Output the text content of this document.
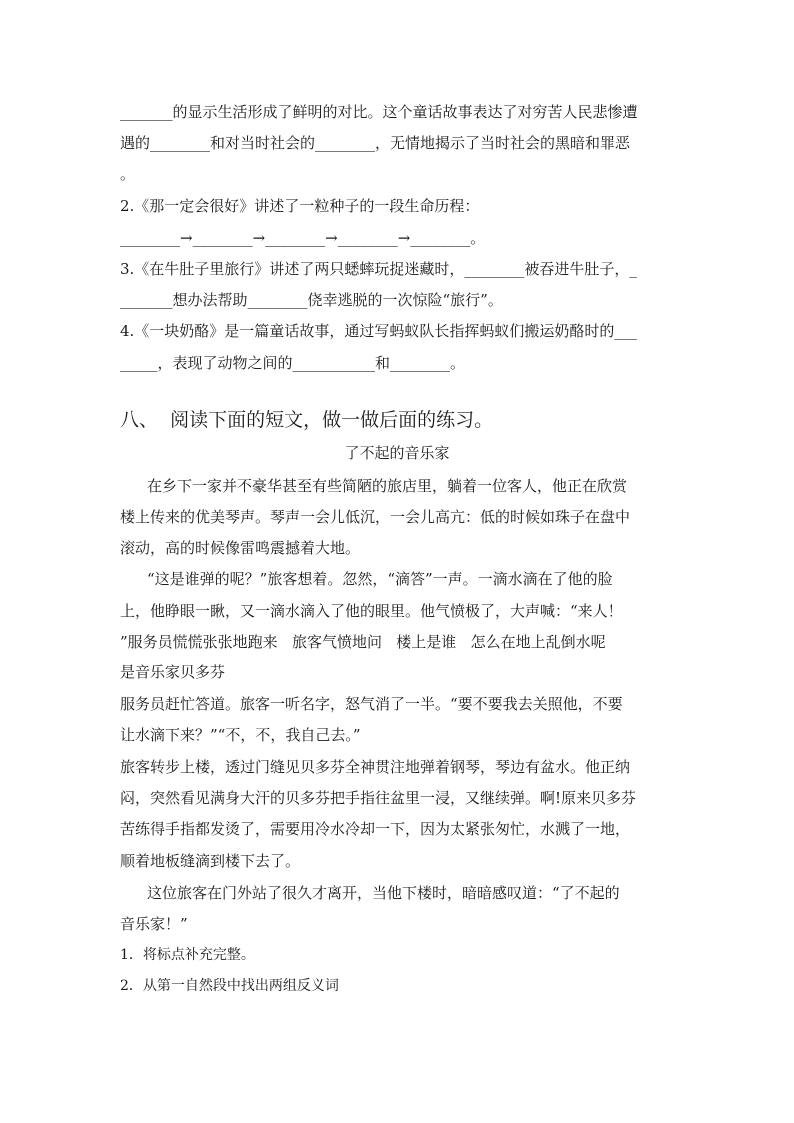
_______的显示生活形成了鲜明的对比。这个童话故事表达了对穷苦人民悲惨遭
遇的________和对当时社会的________，无情地揭示了当时社会的黑暗和罪恶
。
2.《那一定会很好》讲述了一粒种子的一段生命历程：
________→________→________→________→________。
3.《在牛肚子里旅行》讲述了两只蟋蟀玩捉迷藏时，________被吞进牛肚子，_
_______想办法帮助________侥幸逃脱的一次惊险“旅行”。
4.《一块奶酪》是一篇童话故事，通过写蚂蚁队长指挥蚂蚁们搬运奶酪时的___
_____，表现了动物之间的___________和________。
八、  阅读下面的短文，做一做后面的练习。
了不起的音乐家
在乡下一家并不豪华甚至有些简陋的旅店里，躺着一位客人，他正在欣赏
楼上传来的优美琴声。琴声一会儿低沉，一会儿高亢：低的时候如珠子在盘中
滚动，高的时候像雷鸣震撼着大地。
“这是谁弹的呢？”旅客想着。忽然，“滴答”一声。一滴水滴在了他的脸
上，他睁眼一瞅，又一滴水滴入了他的眼里。他气愤极了，大声喊：“来人！
”服务员慌慌张张地跑来   旅客气愤地问   楼上是谁   怎么在地上乱倒水呢
是音乐家贝多芬
服务员赶忙答道。旅客一听名字，怒气消了一半。“要不要我去关照他，不要
让水滴下来？”“不，不，我自己去。”
旅客转步上楼，透过门缝见贝多芬全神贯注地弹着钢琴，琴边有盆水。他正纳
闷，突然看见满身大汗的贝多芬把手指往盆里一浸，又继续弹。啊!原来贝多芬
苦练得手指都发烫了，需要用冷水冷却一下，因为太紧张匆忙，水溅了一地，
顺着地板缝滴到楼下去了。
这位旅客在门外站了很久才离开，当他下楼时，暗暗感叹道：“了不起的
音乐家！”
1．将标点补充完整。
2．从第一自然段中找出两组反义词
